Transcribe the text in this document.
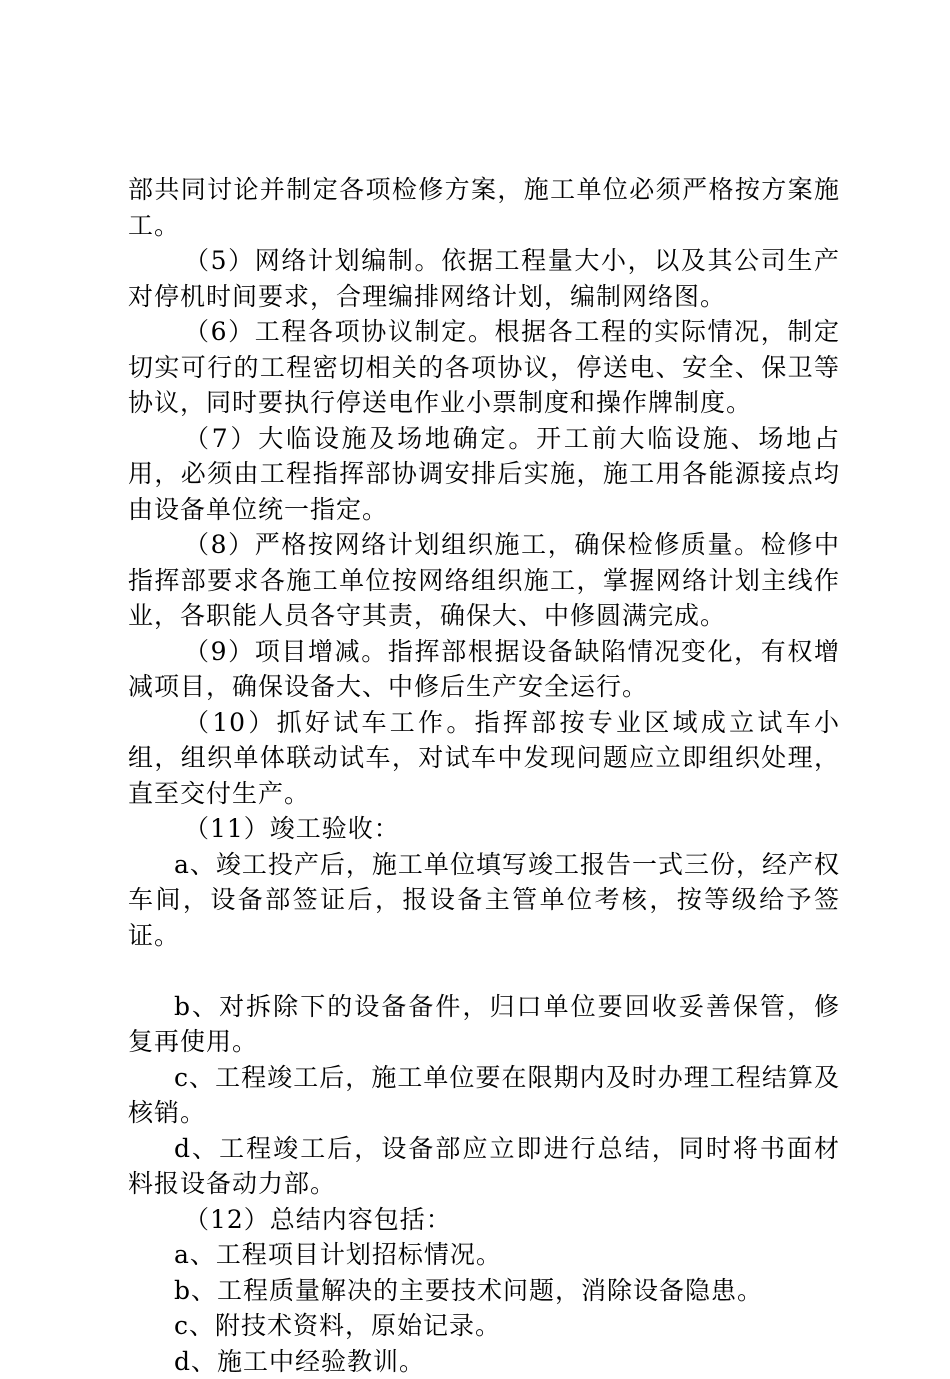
部共同讨论并制定各项检修方案，施工单位必须严格按方案施工。

（5）网络计划编制。依据工程量大小，以及其公司生产对停机时间要求，合理编排网络计划，编制网络图。

（6）工程各项协议制定。根据各工程的实际情况，制定切实可行的工程密切相关的各项协议，停送电、安全、保卫等协议，同时要执行停送电作业小票制度和操作牌制度。

（7）大临设施及场地确定。开工前大临设施、场地占用，必须由工程指挥部协调安排后实施，施工用各能源接点均由设备单位统一指定。

（8）严格按网络计划组织施工，确保检修质量。检修中指挥部要求各施工单位按网络组织施工，掌握网络计划主线作业，各职能人员各守其责，确保大、中修圆满完成。

（9）项目增减。指挥部根据设备缺陷情况变化，有权增减项目，确保设备大、中修后生产安全运行。

（10）抓好试车工作。指挥部按专业区域成立试车小组，组织单体联动试车，对试车中发现问题应立即组织处理，直至交付生产。

（11）竣工验收：

a、竣工投产后，施工单位填写竣工报告一式三份，经产权车间，设备部签证后，报设备主管单位考核，按等级给予签证。

b、对拆除下的设备备件，归口单位要回收妥善保管，修复再使用。

c、工程竣工后，施工单位要在限期内及时办理工程结算及核销。

d、工程竣工后，设备部应立即进行总结，同时将书面材料报设备动力部。

（12）总结内容包括：

a、工程项目计划招标情况。

b、工程质量解决的主要技术问题，消除设备隐患。

c、附技术资料，原始记录。

d、施工中经验教训。
